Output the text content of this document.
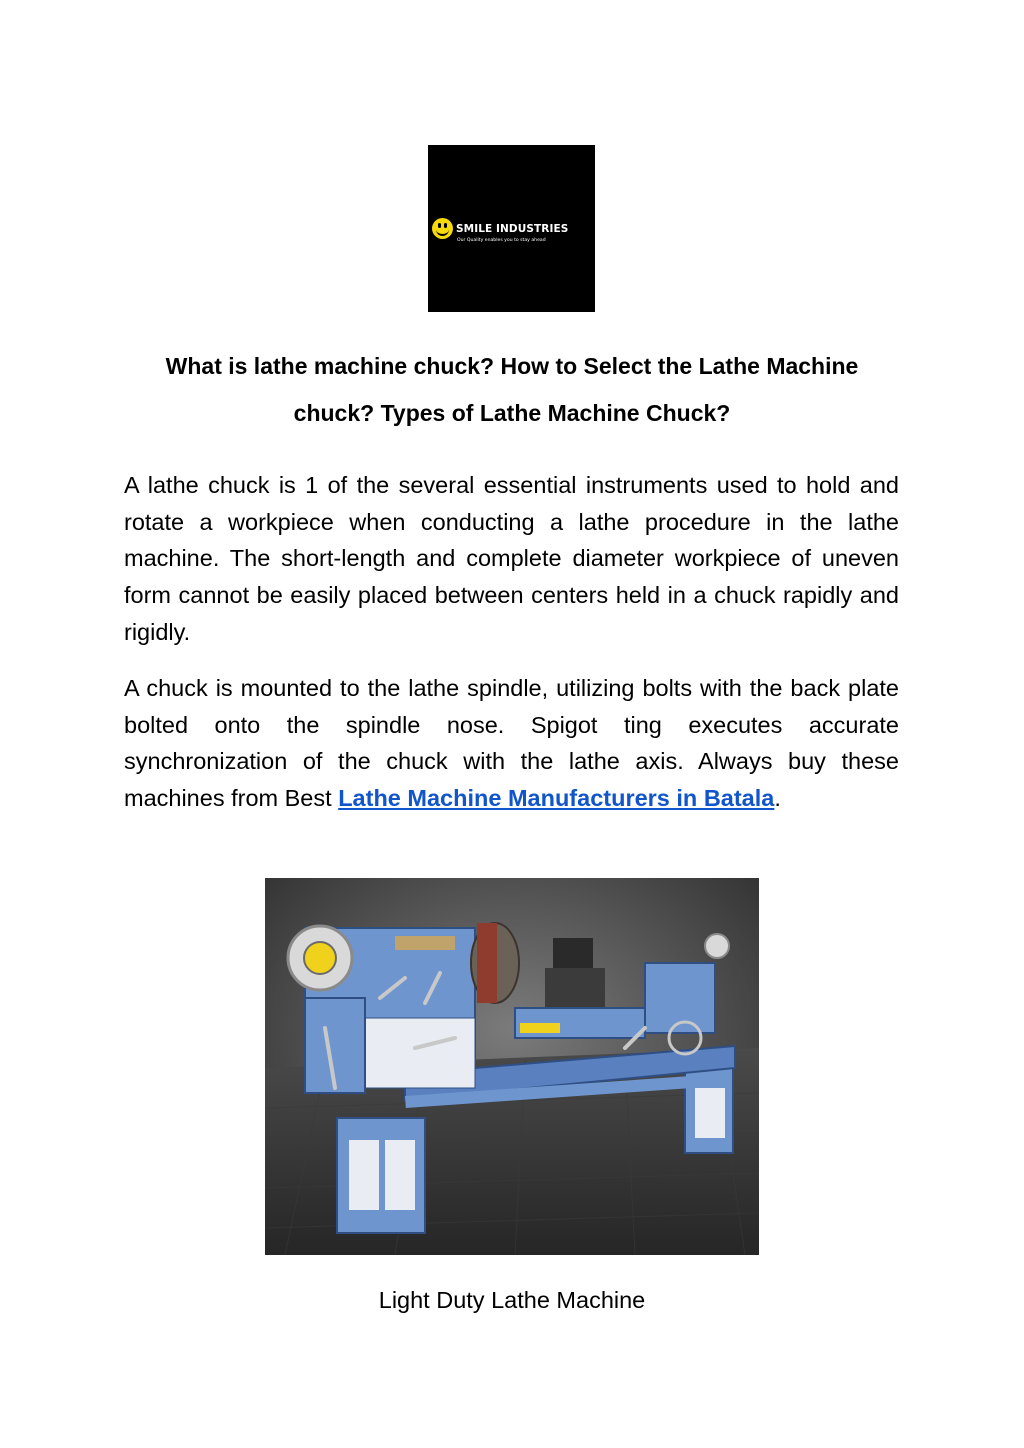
SMILE INDUSTRIES
Our Quality enables you to stay ahead
What is lathe machine chuck? How to Select the Lathe Machine chuck? Types of Lathe Machine Chuck?

A lathe chuck is 1 of the several essential instruments used to hold and rotate a workpiece when conducting a lathe procedure in the lathe machine. The short-length and complete diameter workpiece of uneven form cannot be easily placed between centers held in a chuck rapidly and rigidly.

A chuck is mounted to the lathe spindle, utilizing bolts with the back plate bolted onto the spindle nose. Spigot ting executes accurate synchronization of the chuck with the lathe axis. Always buy these machines from Best Lathe Machine Manufacturers in Batala.

Light Duty Lathe Machine
